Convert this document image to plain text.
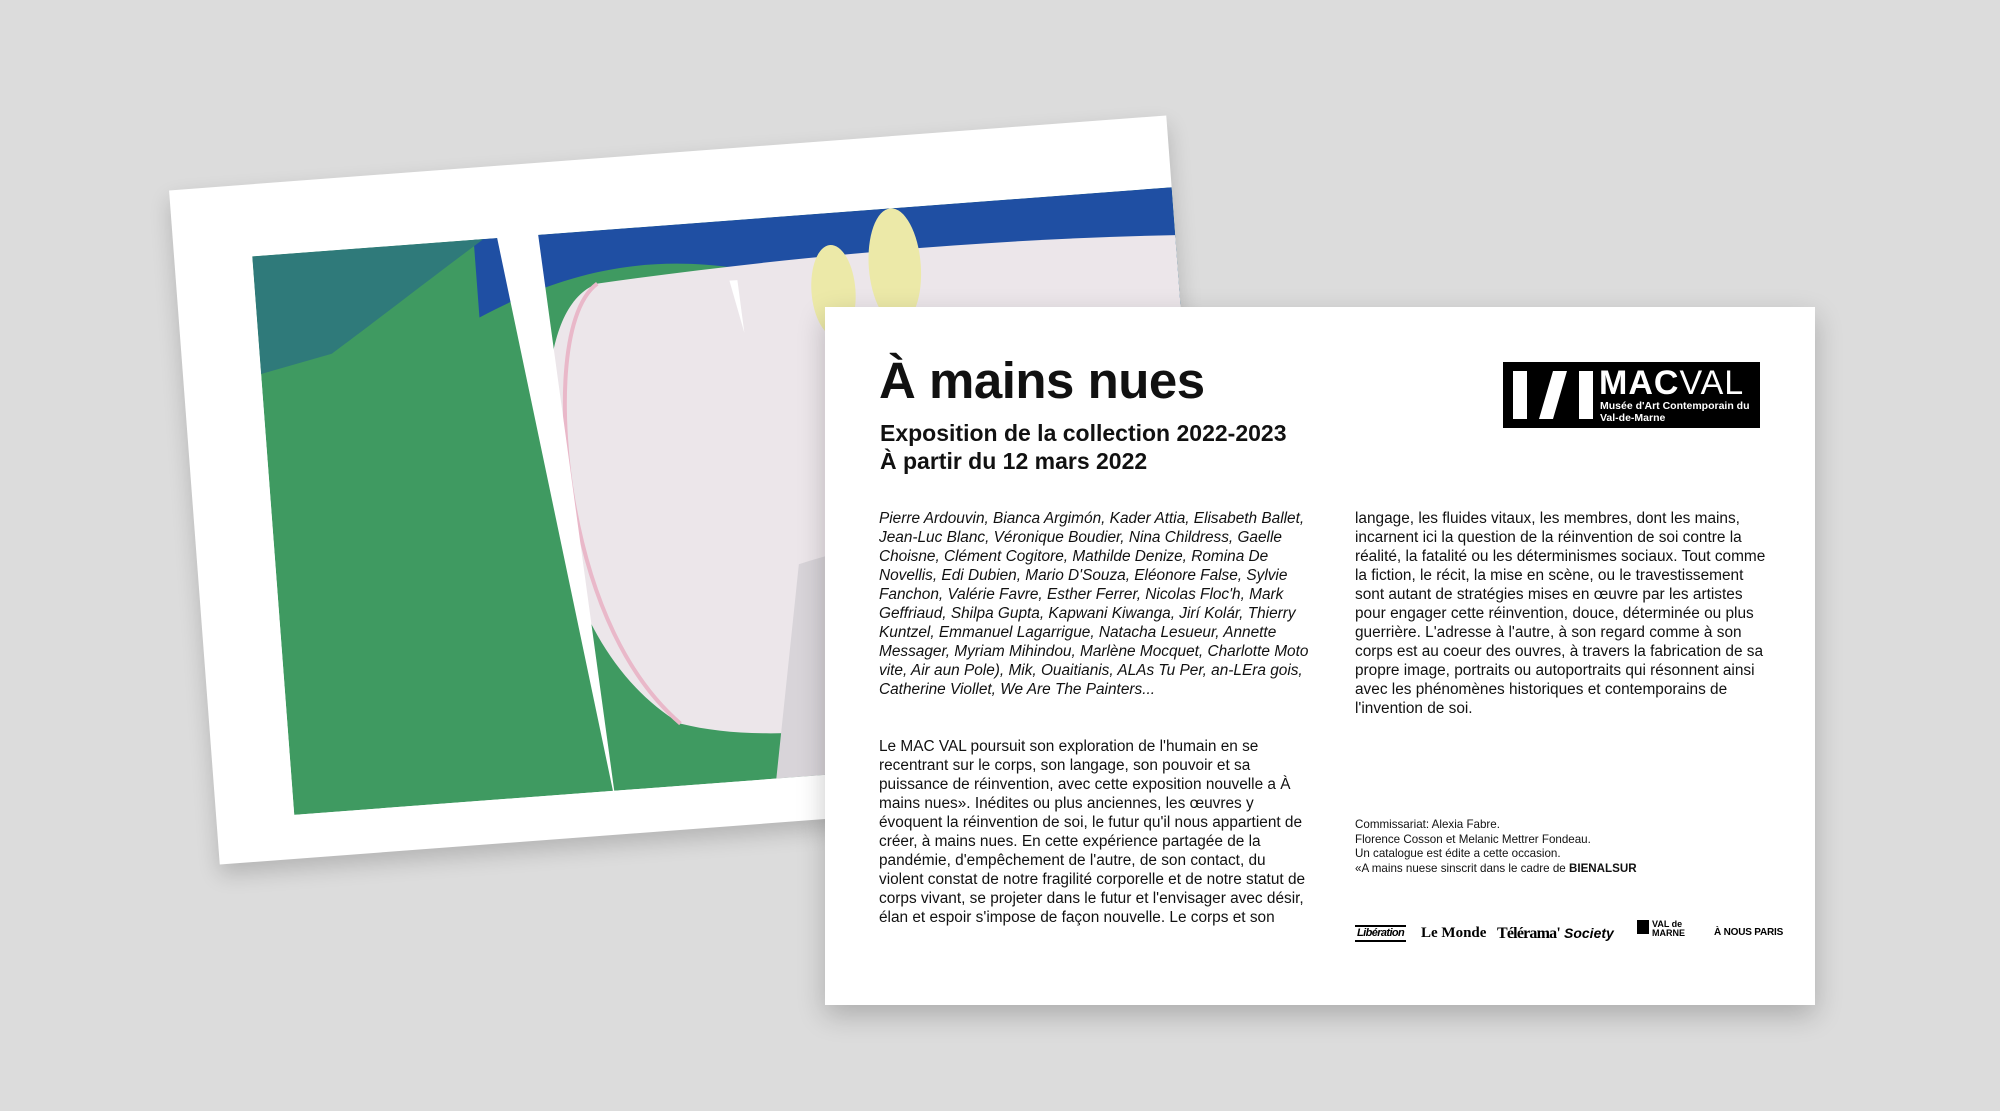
À mains nues
Exposition de la collection 2022-2023
À partir du 12 mars 2022
MACVAL
Musée d'Art Contemporain du Val-de-Marne

Pierre Ardouvin, Bianca Argimón, Kader Attia, Elisabeth Ballet, Jean-Luc Blanc, Véronique Boudier, Nina Childress, Gaelle Choisne, Clément Cogitore, Mathilde Denize, Romina De Novellis, Edi Dubien, Mario D'Souza, Eléonore False, Sylvie Fanchon, Valérie Favre, Esther Ferrer, Nicolas Floc'h, Mark Geffriaud, Shilpa Gupta, Kapwani Kiwanga, Jirí Kolár, Thierry Kuntzel, Emmanuel Lagarrigue, Natacha Lesueur, Annette Messager, Myriam Mihindou, Marlène Mocquet, Charlotte Moto vite, Air aun Pole), Mik, Ouaitianis, ALAs Tu Per, an-LEra gois, Catherine Viollet, We Are The Painters...

Le MAC VAL poursuit son exploration de l'humain en se recentrant sur le corps, son langage, son pouvoir et sa puissance de réinvention, avec cette exposition nouvelle a À mains nues». Inédites ou plus anciennes, les œuvres y évoquent la réinvention de soi, le futur qu'il nous appartient de créer, à mains nues. En cette expérience partagée de la pandémie, d'empêchement de l'autre, de son contact, du violent constat de notre fragilité corporelle et de notre statut de corps vivant, se projeter dans le futur et l'envisager avec désir, élan et espoir s'impose de façon nouvelle. Le corps et son

langage, les fluides vitaux, les membres, dont les mains, incarnent ici la question de la réinvention de soi contre la réalité, la fatalité ou les déterminismes sociaux. Tout comme la fiction, le récit, la mise en scène, ou le travestissement sont autant de stratégies mises en œuvre par les artistes pour engager cette réinvention, douce, déterminée ou plus guerrière. L'adresse à l'autre, à son regard comme à son corps est au coeur des ouvres, à travers la fabrication de sa propre image, portraits ou autoportraits qui résonnent ainsi avec les phénomènes historiques et contemporains de l'invention de soi.

Commissariat: Alexia Fabre.
Florence Cosson et Melanic Mettrer Fondeau.
Un catalogue est édite a cette occasion.
«A mains nuese sinscrit dans le cadre de BIENALSUR

Libération Le Monde Télérama' Society
VAL de
MARNE	À NOUS PARIS
